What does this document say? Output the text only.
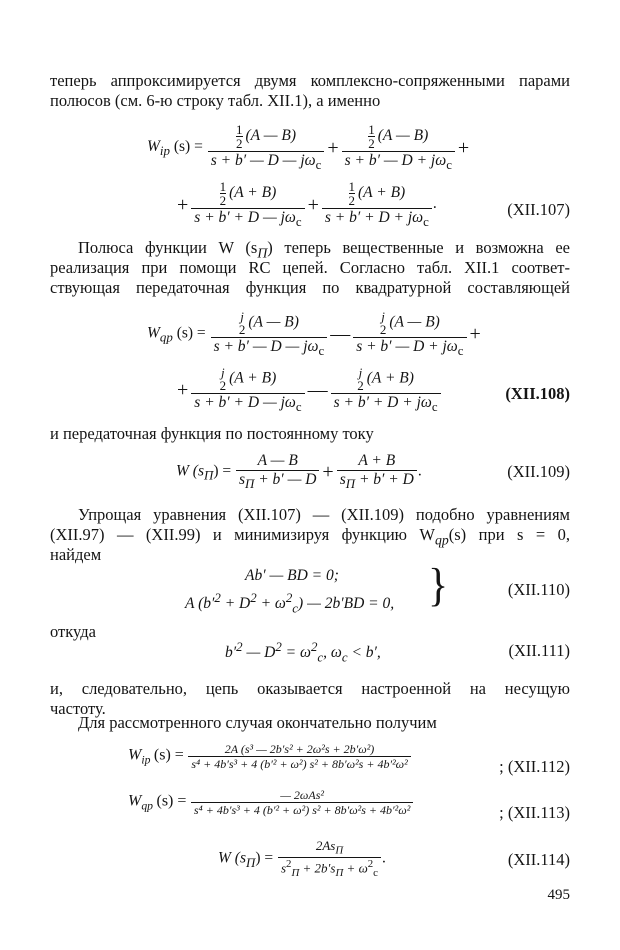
теперь аппроксимируется двумя комплексно-сопряженными парами
полюсов (см. 6-ю строку табл. XII.1), а именно
$W_{ip}$ $(s) = \frac{\frac{1}{2} (A — B)}{s + b' — D — j\omega_c} + \frac{\frac{1}{2} (A — B)}{s + b' — D + j\omega_c}$ +
+ $\frac{\frac{1}{2} (A + B)}{s + b' + D — j\omega_c} + \frac{\frac{1}{2} (A + B)}{s + b' + D + j\omega_c}$ .	(XII.107)
Полюса функции W $(s_П)$ теперь вещественные и возможна ее
реализация при помощи RC цепей. Согласно табл. XII.1 соответ-
ствующая передаточная функция по квадратурной составляющей
$W_{qp}$ (s) = j
2 (A — B)
s + b′ — D — $j\omega_c$ — j
2 (A — B)
s + b′ — $D + j\omega_c$ +
+ j
2 (A + B)
s + b′ + D — $j\omega_c$ — j
2 (A + B)
$s + b' + D + j\omega_c$	(XII.108)
и передаточная функция по постоянному току
W $(s_П) = \frac{A — B}{s_П + b' — D} + \frac{A + B}{s_П + b' + D}$ .	(XII.109)
Упрощая уравнения (XII.107) — (XII.109) подобно уравнениям
(XII.97) — (XII.99) и минимизируя функцию $W_{qp}(s)$ при s = 0,
найдем
Ab′ — BD = 0;
A $(b'^2 + D^2 + \omega^2_c)$ — 2b′BD = 0, }	(XII.110)
откуда
$b'^2$ — $D^2 = \omega^2_c$, $\omega_c < b'$,	(XII.111)
и, следовательно, цепь оказывается настроенной на несущую
частоту.
Для рассмотренного случая окончательно получим
$W_{ip}$ $(s) = \frac{\text{2A (s³ — 2b′s² + 2ω²s + 2b′ω²)}}{\text{s⁴ + 4b′s³ + 4 (b′² + ω²) s² + 8b′ω²s + 4b′²ω²}}$	; (XII.112)
$W_{qp}$ $(s) = \frac{\text{— 2ωAs²}}{\text{s⁴ + 4b′s³ + 4 (b′² + ω²) s² + 8b′ω²s + 4b′²ω²}}$	; (XII.113)
W $(s_П) = \frac{2As_П}{s^2_П + 2b's_П + \omega^2_c}$ .	(XII.114)
495
